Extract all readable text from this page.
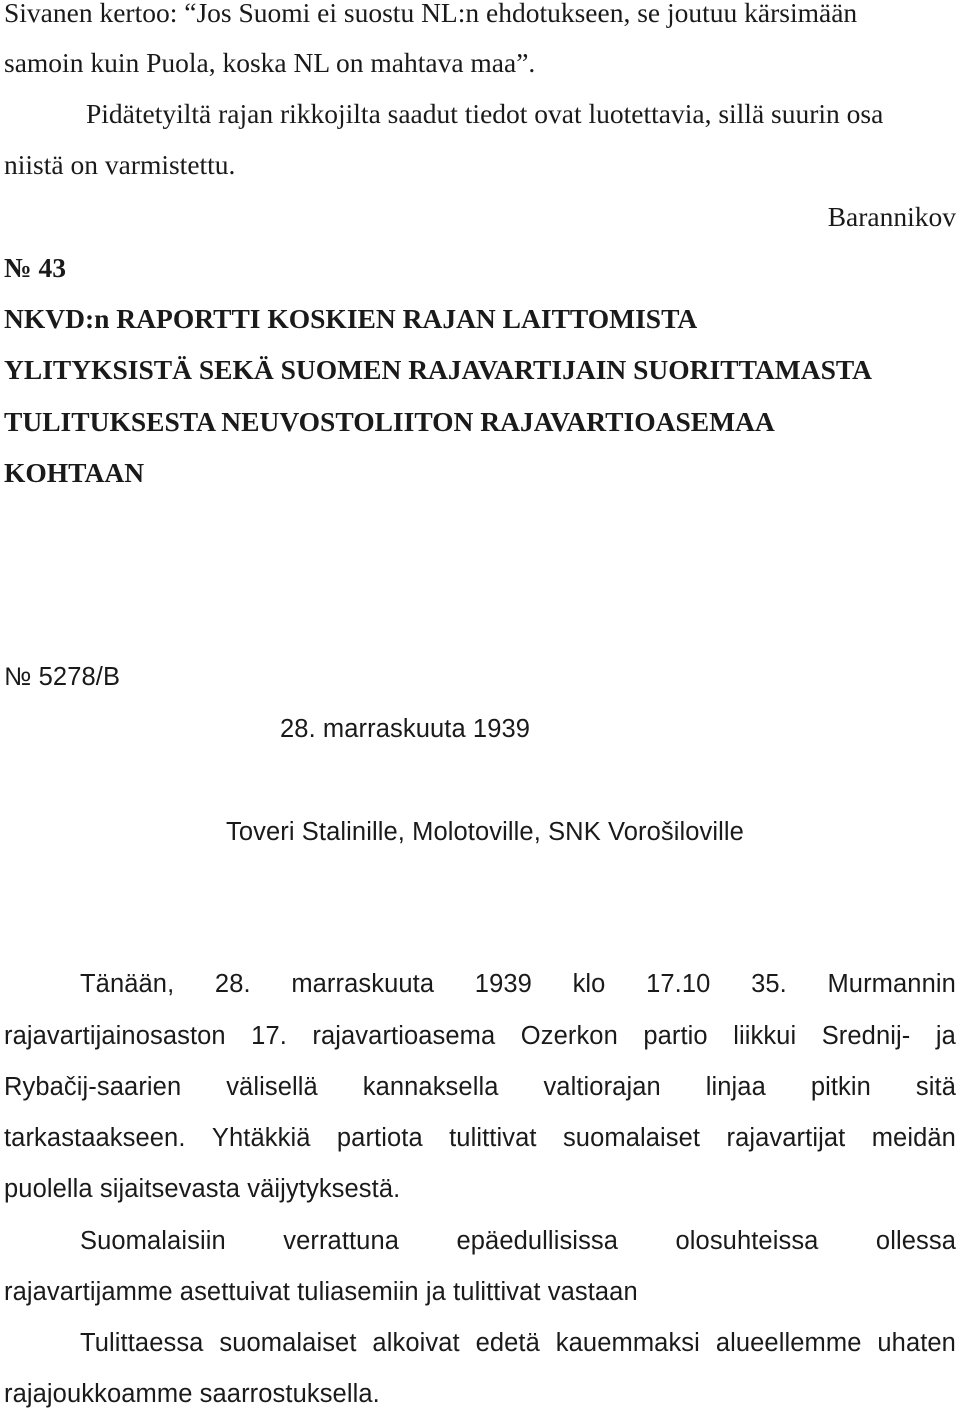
Sivanen kertoo: “Jos Suomi ei suostu NL:n ehdotukseen, se joutuu kärsimään
samoin kuin Puola, koska NL on mahtava maa”.
Pidätetyiltä rajan rikkojilta saadut tiedot ovat luotettavia, sillä suurin osa
niistä on varmistettu.
Barannikov
№ 43
NKVD:n RAPORTTI KOSKIEN RAJAN LAITTOMISTA
YLITYKSISTÄ SEKÄ SUOMEN RAJAVARTIJAIN SUORITTAMASTA
TULITUKSESTA NEUVOSTOLIITON RAJAVARTIOASEMAA
KOHTAAN
№ 5278/B
28. marraskuuta 1939
Toveri Stalinille, Molotoville, SNK Vorošiloville
Tänään, 28. marraskuuta 1939 klo 17.10 35. Murmannin
rajavartijainosaston 17. rajavartioasema Ozerkon partio liikkui Srednij- ja
Rybačij-saarien välisellä kannaksella valtiorajan linjaa pitkin sitä
tarkastaakseen. Yhtäkkiä partiota tulittivat suomalaiset rajavartijat meidän
puolella sijaitsevasta väijytyksestä.
Suomalaisiin verrattuna epäedullisissa olosuhteissa ollessa
rajavartijamme asettuivat tuliasemiin ja tulittivat vastaan
Tulittaessa suomalaiset alkoivat edetä kauemmaksi alueellemme uhaten
rajajoukkoamme saarrostuksella.
